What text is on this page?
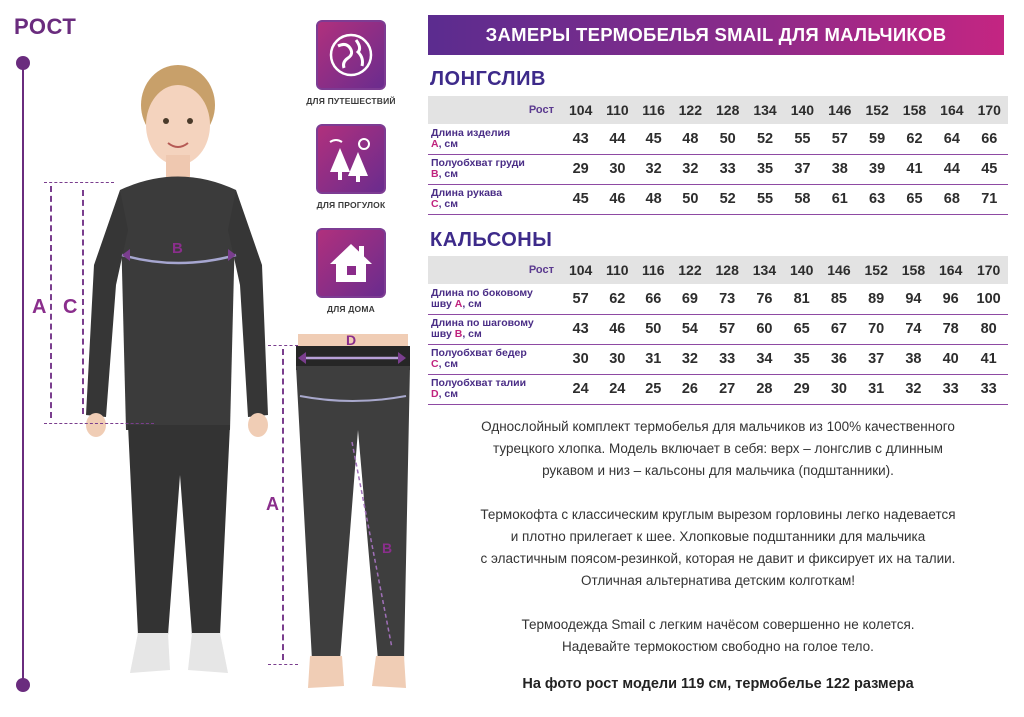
РОСТ
A C
B
A
D
B
ДЛЯ ПУТЕШЕСТВИЙ
ДЛЯ ПРОГУЛОК
ДЛЯ ДОМА
ЗАМЕРЫ ТЕРМОБЕЛЬЯ SMAIL ДЛЯ МАЛЬЧИКОВ
ЛОНГСЛИВ
Рост	104	110	116	122	128	134	140	146	152	158	164	170
Длина изделия
A, см	43	44	45	48	50	52	55	57	59	62	64	66
Полуобхват груди
B, см	29	30	32	32	33	35	37	38	39	41	44	45
Длина рукава
C, см	45	46	48	50	52	55	58	61	63	65	68	71
КАЛЬСОНЫ
Рост	104	110	116	122	128	134	140	146	152	158	164	170
Длина по боковому
шву A, см	57	62	66	69	73	76	81	85	89	94	96	100
Длина по шаговому
шву B, см	43	46	50	54	57	60	65	67	70	74	78	80
Полуобхват бедер
C, см	30	30	31	32	33	34	35	36	37	38	40	41
Полуобхват талии
D, см	24	24	25	26	27	28	29	30	31	32	33	33
Однослойный комплект термобелья для мальчиков из 100% качественного
турецкого хлопка. Модель включает в себя: верх – лонгслив с длинным
рукавом и низ – кальсоны для мальчика (подштанники).
Термокофта с классическим круглым вырезом горловины легко надевается
и плотно прилегает к шее. Хлопковые подштанники для мальчика
с эластичным поясом-резинкой, которая не давит и фиксирует их на талии.
Отличная альтернатива детским колготкам!
Термоодежда Smail с легким начёсом совершенно не колется.
Надевайте термокостюм свободно на голое тело.
На фото рост модели 119 см, термобелье 122 размера
